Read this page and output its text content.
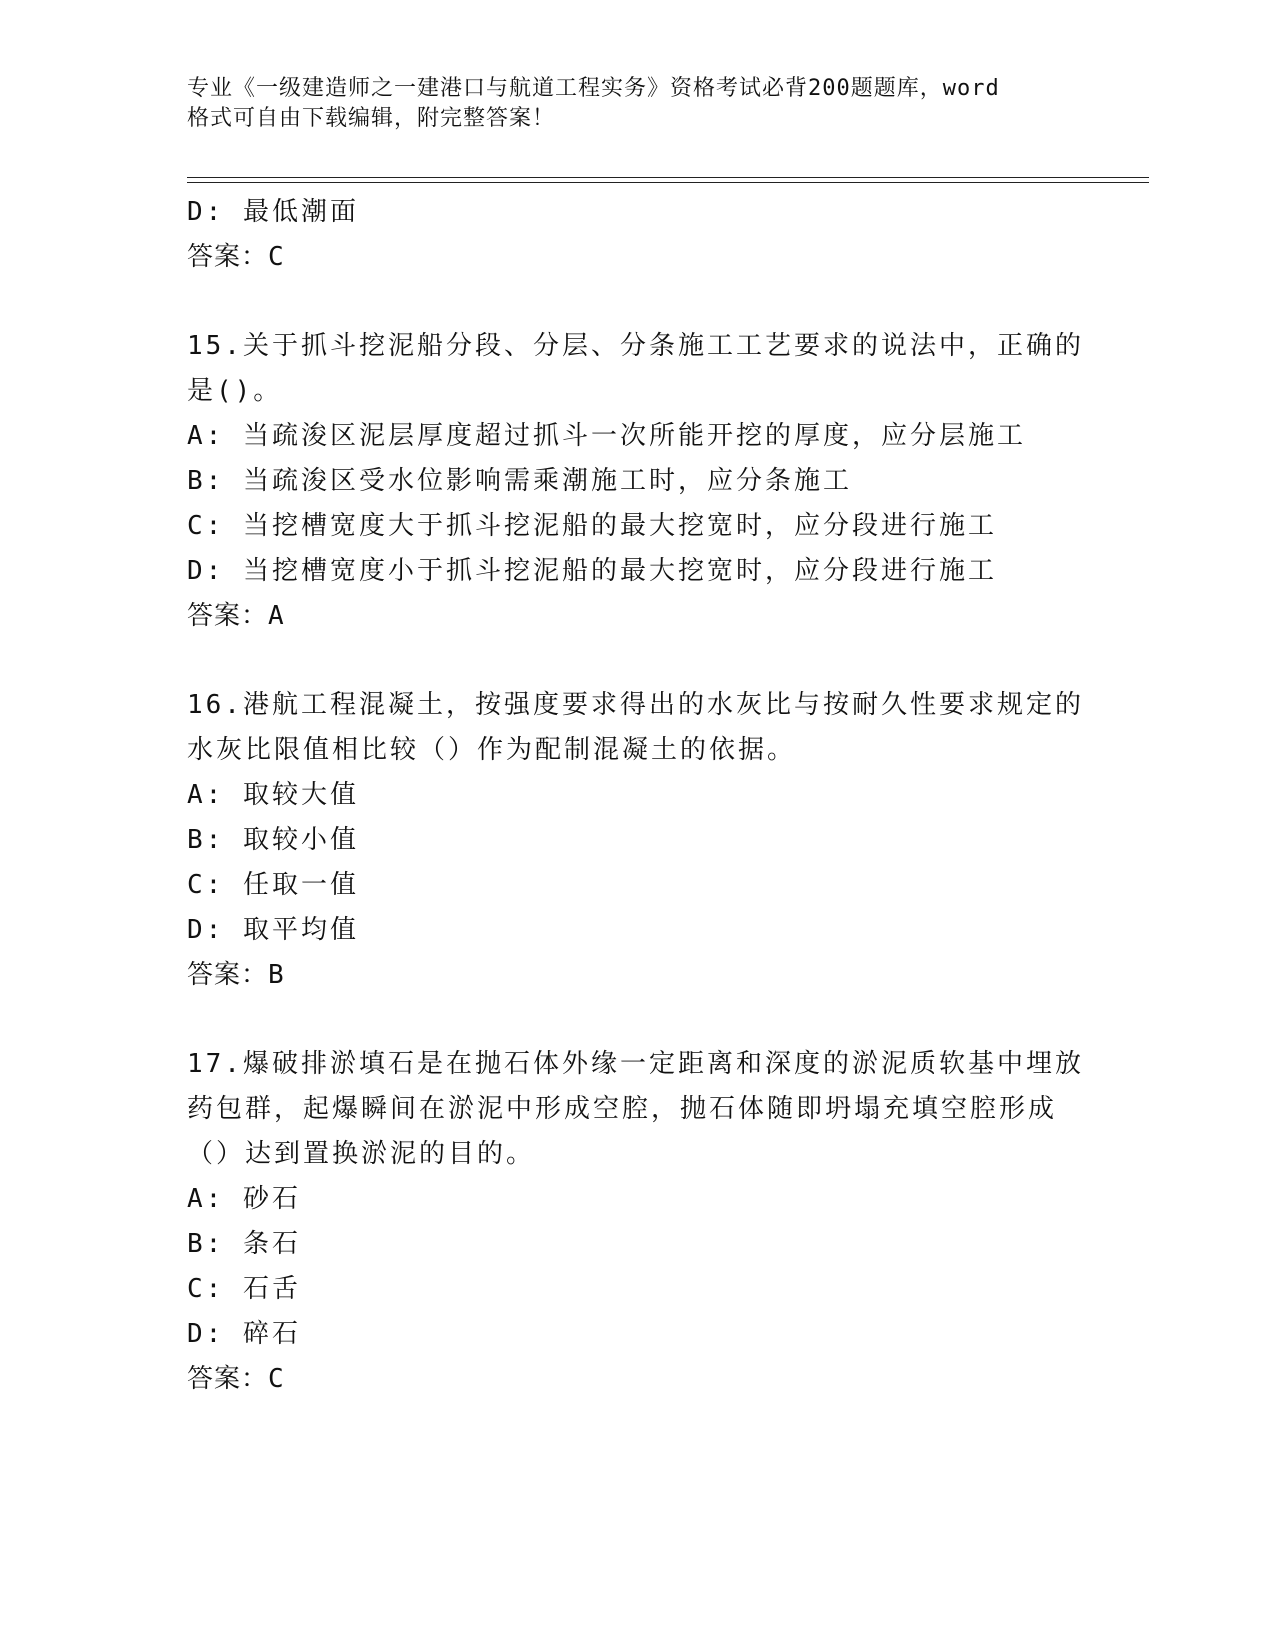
专业《一级建造师之一建港口与航道工程实务》资格考试必背200题题库，word
格式可自由下载编辑，附完整答案！
D: 最低潮面
答案：C
15.关于抓斗挖泥船分段、分层、分条施工工艺要求的说法中，正确的
是()。
A: 当疏浚区泥层厚度超过抓斗一次所能开挖的厚度，应分层施工
B: 当疏浚区受水位影响需乘潮施工时，应分条施工
C: 当挖槽宽度大于抓斗挖泥船的最大挖宽时，应分段进行施工
D: 当挖槽宽度小于抓斗挖泥船的最大挖宽时，应分段进行施工
答案：A
16.港航工程混凝土，按强度要求得出的水灰比与按耐久性要求规定的
水灰比限值相比较（）作为配制混凝土的依据。
A: 取较大值
B: 取较小值
C: 任取一值
D: 取平均值
答案：B
17.爆破排淤填石是在抛石体外缘一定距离和深度的淤泥质软基中埋放
药包群，起爆瞬间在淤泥中形成空腔，抛石体随即坍塌充填空腔形成
（）达到置换淤泥的目的。
A: 砂石
B: 条石
C: 石舌
D: 碎石
答案：C
